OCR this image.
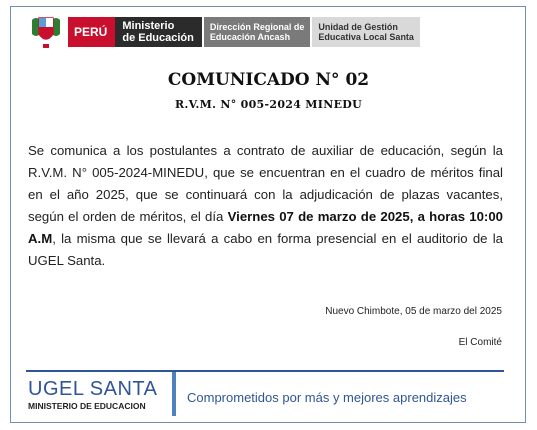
PERÚ Ministerio
de Educación
Dirección Regional de
Educación Ancash
Unidad de Gestión
Educativa Local Santa
COMUNICADO N° 02
R.V.M. N° 005-2024 MINEDU
Se comunica a los postulantes a contrato de auxiliar de educación, según la R.V.M. N° 005-2024-MINEDU, que se encuentran en el cuadro de méritos final en el año 2025, que se continuará con la adjudicación de plazas vacantes, según el orden de méritos, el día Viernes 07 de marzo de 2025, a horas 10:00 A.M, la misma que se llevará a cabo en forma presencial en el auditorio de la UGEL Santa.
Nuevo Chimbote, 05 de marzo del 2025
El Comité
UGEL SANTA
MINISTERIO DE EDUCACION
Comprometidos por más y mejores aprendizajes
